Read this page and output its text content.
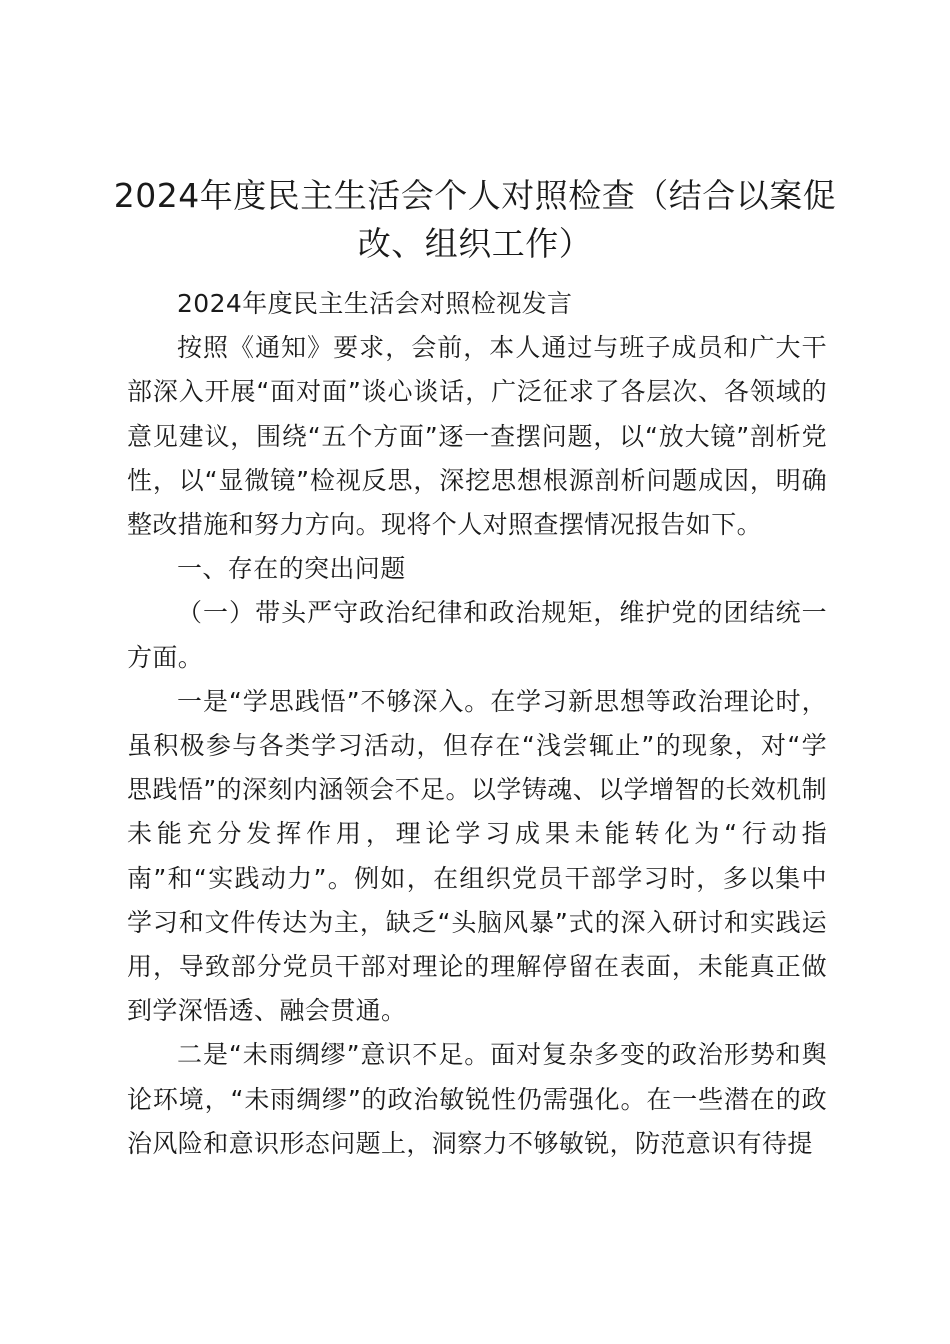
2024年度民主生活会个人对照检查（结合以案促改、组织工作）

2024年度民主生活会对照检视发言

按照《通知》要求，会前，本人通过与班子成员和广大干部深入开展“面对面”谈心谈话，广泛征求了各层次、各领域的意见建议，围绕“五个方面”逐一查摆问题，以“放大镜”剖析党性，以“显微镜”检视反思，深挖思想根源剖析问题成因，明确整改措施和努力方向。现将个人对照查摆情况报告如下。

一、存在的突出问题

（一）带头严守政治纪律和政治规矩，维护党的团结统一方面。

一是“学思践悟”不够深入。在学习新思想等政治理论时，虽积极参与各类学习活动，但存在“浅尝辄止”的现象，对“学思践悟”的深刻内涵领会不足。以学铸魂、以学增智的长效机制未能充分发挥作用，理论学习成果未能转化为“行动指南”和“实践动力”。例如，在组织党员干部学习时，多以集中学习和文件传达为主，缺乏“头脑风暴”式的深入研讨和实践运用，导致部分党员干部对理论的理解停留在表面，未能真正做到学深悟透、融会贯通。

二是“未雨绸缪”意识不足。面对复杂多变的政治形势和舆论环境，“未雨绸缪”的政治敏锐性仍需强化。在一些潜在的政治风险和意识形态问题上，洞察力不够敏锐，防范意识有待提
